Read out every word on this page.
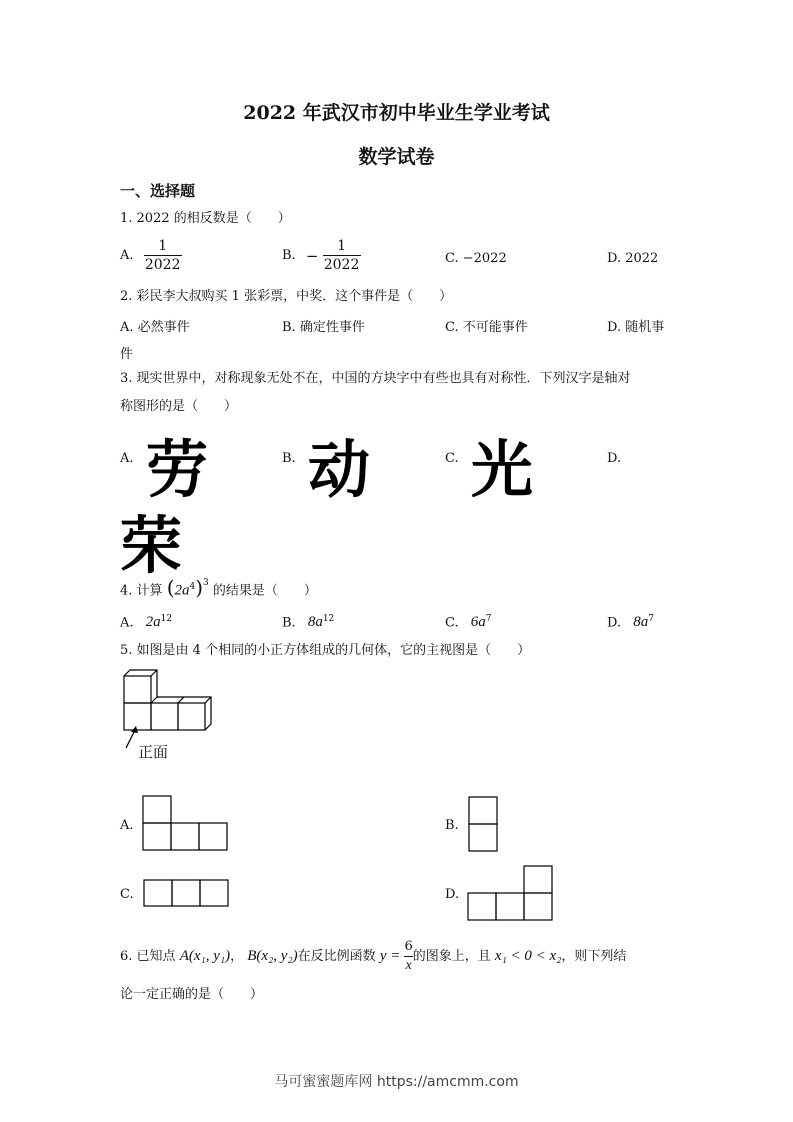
2022 年武汉市初中毕业生学业考试
数学试卷
一、选择题
1. 2022 的相反数是（　　）
A. $\frac{1}{2022}$	B. − $\frac{1}{2022}$	C. −2022	D. 2022
2. 彩民李大叔购买 1 张彩票，中奖．这个事件是（　　）
A. 必然事件	B. 确定性事件	C. 不可能事件	D. 随机事
件
3. 现实世界中，对称现象无处不在，中国的方块字中有些也具有对称性．下列汉字是轴对
称图形的是（　　）
A. 劳	B. 动	C. 光	D.
荣
4. 计算 $(2a^4)^3$ 的结果是（　　）
A. $2a^{12}$	B. $8a^{12}$	C. $6a^7$	D. $8a^7$
5. 如图是由 4 个相同的小正方体组成的几何体，它的主视图是（　　）
正面
A.	B.
C.	D.
6. 已知点 A(x₁, y₁)， B(x₂, y₂)在反比例函数 $y = \frac{6}{x}$ 的图象上，且 x₁ < 0 < x₂，则下列结
论一定正确的是（　　）
马可蜜蜜题库网 https://amcmm.com
